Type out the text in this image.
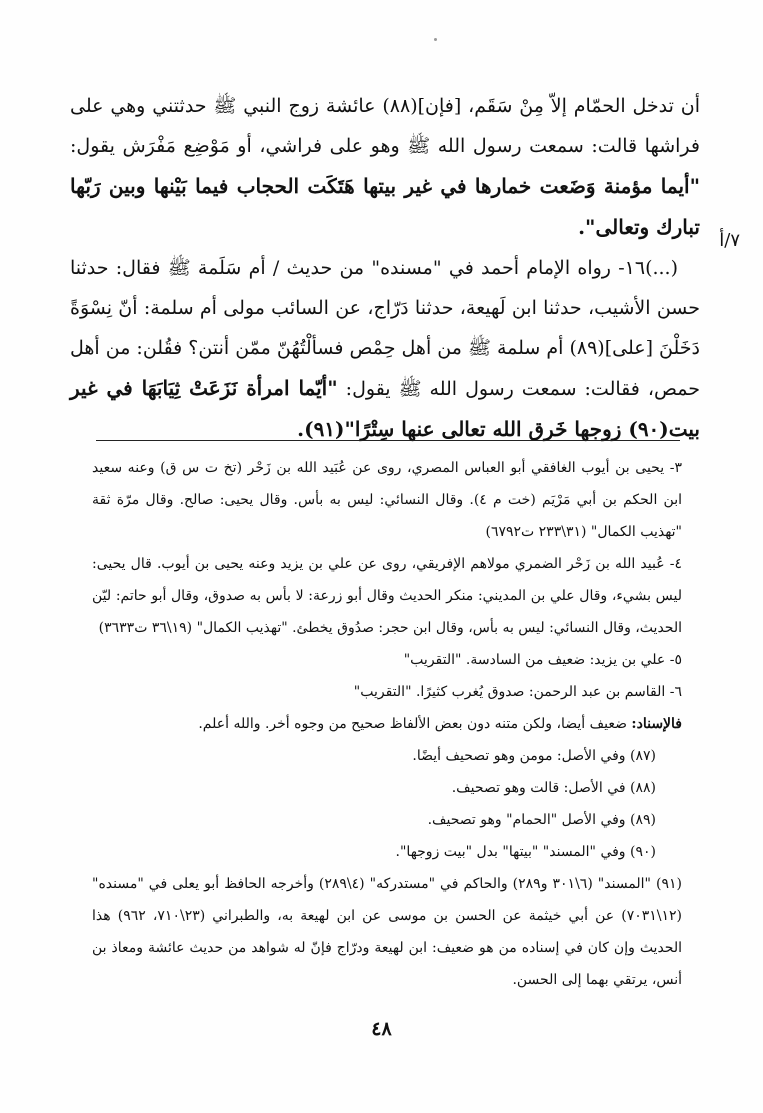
أن تدخل الحمّام إلاّ مِنْ سَقَم، [فإن](٨٨) عائشة زوج النبي ﷺ حدثتني وهي على فراشها قالت: سمعت رسول الله ﷺ وهو على فراشي، أو مَوْضِع مَفْرَش يقول: "أيما مؤمنة وَضَعت خمارها في غير بيتها هَتَكَت الحجاب فيما بَيْنها وبين رَبّها تبارك وتعالى".

(...)١٦- رواه الإمام أحمد في "مسنده" من حديث / أم سَلَمة ﷺ فقال: حدثنا حسن الأشيب، حدثنا ابن لَهيعة، حدثنا دَرّاج، عن السائب مولى أم سلمة: أنّ نِسْوَةً دَخَلْنَ [على](٨٩) أم سلمة ﷺ من أهل حِمْص فسألْتُهُنّ ممّن أنتن؟ فقُلن: من أهل حمص، فقالت: سمعت رسول الله ﷺ يقول: "أيّما امرأة نَزَعَتْ ثِيَابَهَا في غير بيت(٩٠) زوجها خَرق الله تعالى عنها سِتْرًا"(٩١).

٧/أ

٣- يحيى بن أيوب الغافقي أبو العباس المصري، روى عن عُبَيد الله بن زَحْر (تخ ت س ق) وعنه سعيد ابن الحكم بن أبي مَرْيَم (خت م ٤). وقال النسائي: ليس به بأس. وقال يحيى: صالح. وقال مرّة ثقة "تهذيب الكمال" (٣١\٢٣٣ ت٦٧٩٢)

٤- عُبيد الله بن زَحْر الضمري مولاهم الإفريقي، روى عن علي بن يزيد وعنه يحيى بن أيوب. قال يحيى: ليس بشيء، وقال علي بن المديني: منكر الحديث وقال أبو زرعة: لا بأس به صدوق، وقال أبو حاتم: ليّن الحديث، وقال النسائي: ليس به بأس، وقال ابن حجر: صدُوق يخطئ. "تهذيب الكمال" (١٩\٣٦ ت٣٦٣٣)

٥- علي بن يزيد: ضعيف من السادسة. "التقريب"

٦- القاسم بن عبد الرحمن: صدوق يُغرب كثيرًا. "التقريب"

فالإسناد: ضعيف أيضا، ولكن متنه دون بعض الألفاظ صحيح من وجوه أخر. والله أعلم.

(٨٧) وفي الأصل: مومن وهو تصحيف أيضًا.

(٨٨) في الأصل: قالت وهو تصحيف.

(٨٩) وفي الأصل "الحمام" وهو تصحيف.

(٩٠) وفي "المسند" "بيتها" بدل "بيت زوجها".

(٩١) "المسند" (٦\٣٠١ و٢٨٩) والحاكم في "مستدركه" (٤\٢٨٩) وأخرجه الحافظ أبو يعلى في "مسنده" (١٢\٧٠٣١) عن أبي خيثمة عن الحسن بن موسى عن ابن لهيعة به، والطبراني (٢٣\٧١٠، ٩٦٢) هذا الحديث وإن كان في إسناده من هو ضعيف: ابن لهيعة ودرّاج فإنّ له شواهد من حديث عائشة ومعاذ بن أنس، يرتقي بهما إلى الحسن.

٤٨
